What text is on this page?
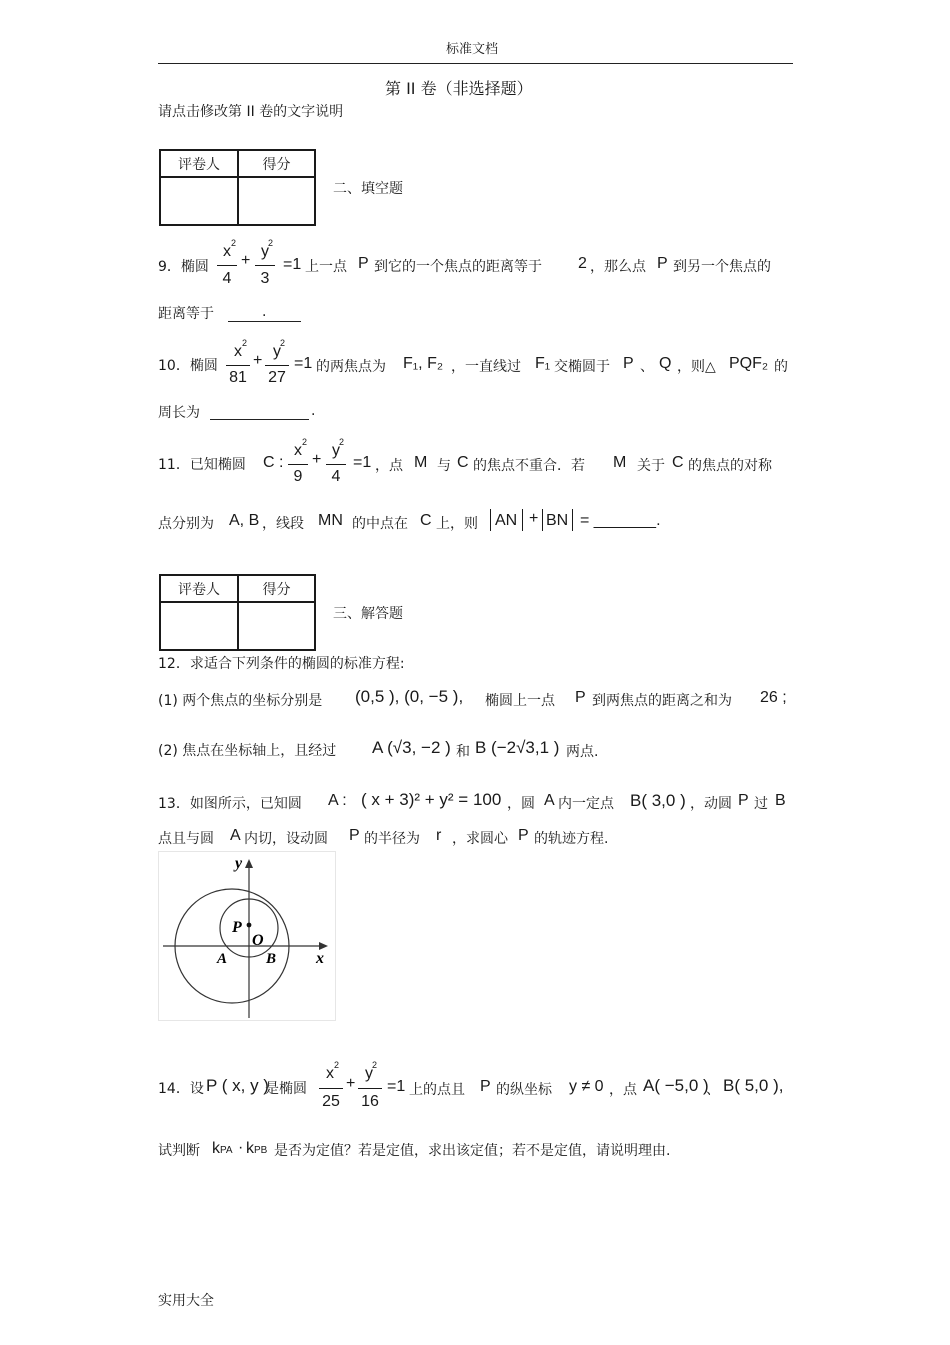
标准文档
第 II 卷（非选择题）
请点击修改第 II 卷的文字说明
评卷人	得分

二、填空题
9．椭圆
x 2
4
+
y 2
3
=1 上一点 P 到它的一个焦点的距离等于 2 ，那么点 P 到另一个焦点的
距离等于	.
10．椭圆
x 2
81
+
y 2
27
=1 的两焦点为 F₁, F₂ ，一直线过 F₁ 交椭圆于 P 、 Q ，则△ PQF₂ 的
周长为	.
11．已知椭圆 C :
x 2
9
+
y 2
4
=1 ，点 M 与 C 的焦点不重合．若 M 关于 C 的焦点的对称
点分别为 A, B ，线段 MN 的中点在 C 上，则 AN + BN = _______.
评卷人	得分

三、解答题
12．求适合下列条件的椭圆的标准方程:
(1) 两个焦点的坐标分别是 (0,5 ), (0, −5 ), 椭圆上一点 P 到两焦点的距离之和为 26 ;
(2) 焦点在坐标轴上，且经过 A (√3, −2 ) 和 B (−2√3,1 ) 两点.
13．如图所示，已知圆 A : ( x + 3)² + y² = 100 ，圆 A 内一定点 B( 3,0 ) ，动圆 P 过 B
点且与圆 A 内切，设动圆 P 的半径为 r ，求圆心 P 的轨迹方程.
y
x
P
O
A	B
14．设 P ( x, y )
是椭圆
x 2
25
+
y 2
16
=1 上的点且 P 的纵坐标 y ≠ 0 ，点 A( −5,0 )
、 B( 5,0 ),
试判断 kPA · kPB 是否为定值？若是定值，求出该定值；若不是定值，请说明理由.
实用大全
